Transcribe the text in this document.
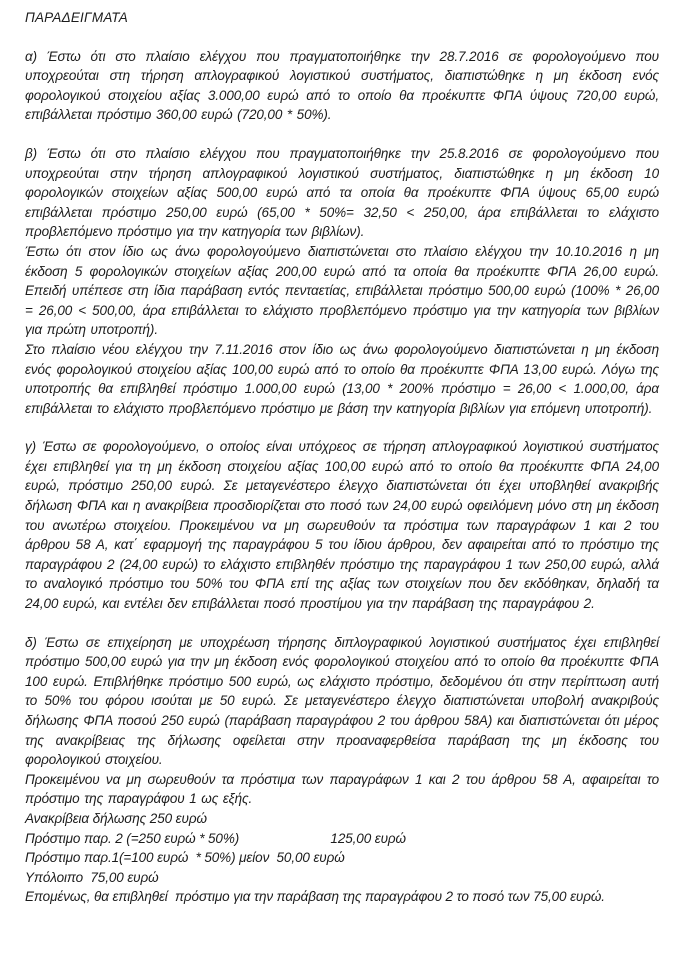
ΠΑΡΑΔΕΙΓΜΑΤΑ

α) Έστω ότι στο πλαίσιο ελέγχου που πραγματοποιήθηκε την 28.7.2016 σε φορολογούμενο που υποχρεούται στη τήρηση απλογραφικού λογιστικού συστήματος, διαπιστώθηκε η μη έκδοση ενός φορολογικού στοιχείου αξίας 3.000,00 ευρώ από το οποίο θα προέκυπτε ΦΠΑ ύψους 720,00 ευρώ, επιβάλλεται πρόστιμο 360,00 ευρώ (720,00 * 50%).

β) Έστω ότι στο πλαίσιο ελέγχου που πραγματοποιήθηκε την 25.8.2016 σε φορολογούμενο που υποχρεούται στην τήρηση απλογραφικού λογιστικού συστήματος, διαπιστώθηκε η μη έκδοση 10 φορολογικών στοιχείων αξίας 500,00 ευρώ από τα οποία θα προέκυπτε ΦΠΑ ύψους 65,00 ευρώ επιβάλλεται πρόστιμο 250,00 ευρώ (65,00 * 50%= 32,50 < 250,00, άρα επιβάλλεται το ελάχιστο προβλεπόμενο πρόστιμο για την κατηγορία των βιβλίων).

Έστω ότι στον ίδιο ως άνω φορολογούμενο διαπιστώνεται στο πλαίσιο ελέγχου την 10.10.2016 η μη έκδοση 5 φορολογικών στοιχείων αξίας 200,00 ευρώ από τα οποία θα προέκυπτε ΦΠΑ 26,00 ευρώ. Επειδή υπέπεσε στη ίδια παράβαση εντός πενταετίας, επιβάλλεται πρόστιμο 500,00 ευρώ (100% * 26,00 = 26,00 < 500,00, άρα επιβάλλεται το ελάχιστο προβλεπόμενο πρόστιμο για την κατηγορία των βιβλίων για πρώτη υποτροπή).

Στο πλαίσιο νέου ελέγχου την 7.11.2016 στον ίδιο ως άνω φορολογούμενο διαπιστώνεται η μη έκδοση ενός φορολογικού στοιχείου αξίας 100,00 ευρώ από το οποίο θα προέκυπτε ΦΠΑ 13,00 ευρώ. Λόγω της υποτροπής θα επιβληθεί πρόστιμο 1.000,00 ευρώ (13,00 * 200% πρόστιμο = 26,00 < 1.000,00, άρα επιβάλλεται το ελάχιστο προβλεπόμενο πρόστιμο με βάση την κατηγορία βιβλίων για επόμενη υποτροπή).

γ) Έστω σε φορολογούμενο, ο οποίος είναι υπόχρεος σε τήρηση απλογραφικού λογιστικού συστήματος έχει επιβληθεί για τη μη έκδοση στοιχείου αξίας 100,00 ευρώ από το οποίο θα προέκυπτε ΦΠΑ 24,00 ευρώ, πρόστιμο 250,00 ευρώ. Σε μεταγενέστερο έλεγχο διαπιστώνεται ότι έχει υποβληθεί ανακριβής δήλωση ΦΠΑ και η ανακρίβεια προσδιορίζεται στο ποσό των 24,00 ευρώ οφειλόμενη μόνο στη μη έκδοση του ανωτέρω στοιχείου. Προκειμένου να μη σωρευθούν τα πρόστιμα των παραγράφων 1 και 2 του άρθρου 58 Α, κατ΄ εφαρμογή της παραγράφου 5 του ίδιου άρθρου, δεν αφαιρείται από το πρόστιμο της παραγράφου 2 (24,00 ευρώ) το ελάχιστο επιβληθέν πρόστιμο της παραγράφου 1 των 250,00 ευρώ, αλλά το αναλογικό πρόστιμο του 50% του ΦΠΑ επί της αξίας των στοιχείων που δεν εκδόθηκαν, δηλαδή τα 24,00 ευρώ, και εντέλει δεν επιβάλλεται ποσό προστίμου για την παράβαση της παραγράφου 2.

δ) Έστω σε επιχείρηση με υποχρέωση τήρησης διπλογραφικού λογιστικού συστήματος έχει επιβληθεί πρόστιμο 500,00 ευρώ για την μη έκδοση ενός φορολογικού στοιχείου από το οποίο θα προέκυπτε ΦΠΑ 100 ευρώ. Επιβλήθηκε πρόστιμο 500 ευρώ, ως ελάχιστο πρόστιμο, δεδομένου ότι στην περίπτωση αυτή το 50% του φόρου ισούται με 50 ευρώ. Σε μεταγενέστερο έλεγχο διαπιστώνεται υποβολή ανακριβούς δήλωσης ΦΠΑ ποσού 250 ευρώ (παράβαση παραγράφου 2 του άρθρου 58Α) και διαπιστώνεται ότι μέρος της ανακρίβειας της δήλωσης οφείλεται στην προαναφερθείσα παράβαση της μη έκδοσης του φορολογικού στοιχείου.

Προκειμένου να μη σωρευθούν τα πρόστιμα των παραγράφων 1 και 2 του άρθρου 58 Α, αφαιρείται το πρόστιμο της παραγράφου 1 ως εξής.

Ανακρίβεια δήλωσης 250 ευρώ
Πρόστιμο παρ. 2 (=250 ευρώ * 50%)                         125,00 ευρώ
Πρόστιμο παρ.1(=100 ευρώ  * 50%) μείον  50,00 ευρώ
Υπόλοιπο  75,00 ευρώ
Επομένως, θα επιβληθεί  πρόστιμο για την παράβαση της παραγράφου 2 το ποσό των 75,00 ευρώ.
